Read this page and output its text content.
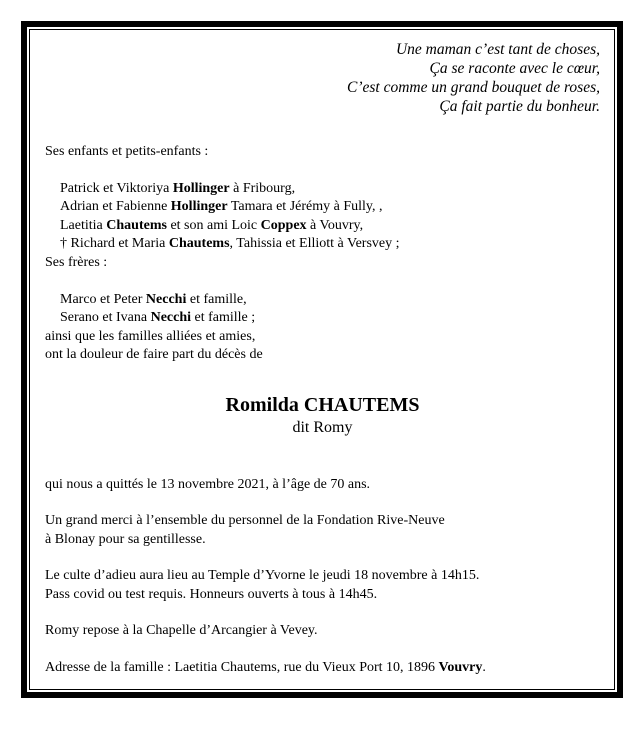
Une maman c’est tant de choses,
Ça se raconte avec le cœur,
C’est comme un grand bouquet de roses,
Ça fait partie du bonheur.

Ses enfants et petits-enfants :

Patrick et Viktoriya Hollinger à Fribourg,
Adrian et Fabienne Hollinger Tamara et Jérémy à Fully, ,
Laetitia Chautems et son ami Loic Coppex à Vouvry,
† Richard et Maria Chautems, Tahissia et Elliott à Versvey ;

Ses frères :

Marco et Peter Necchi et famille,
Serano et Ivana Necchi et famille ;
ainsi que les familles alliées et amies,
ont la douleur de faire part du décès de
Romilda CHAUTEMS
dit Romy

qui nous a quittés le 13 novembre 2021, à l’âge de 70 ans.

Un grand merci à l’ensemble du personnel de la Fondation Rive-Neuve
à Blonay pour sa gentillesse.
Le culte d’adieu aura lieu au Temple d’Yvorne le jeudi 18 novembre à 14h15.
Pass covid ou test requis. Honneurs ouverts à tous à 14h45.

Romy repose à la Chapelle d’Arcangier à Vevey.

Adresse de la famille : Laetitia Chautems, rue du Vieux Port 10, 1896 Vouvry.
